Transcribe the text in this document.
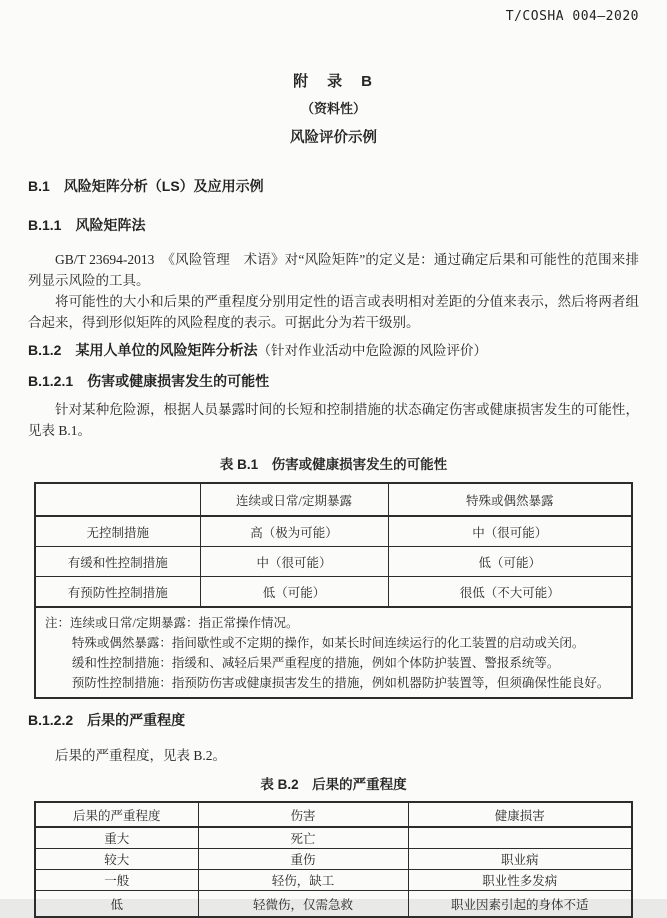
T/COSHA 004—2020
附　录　B
（资料性）
风险评价示例
B.1　风险矩阵分析（LS）及应用示例
B.1.1　风险矩阵法
GB/T 23694-2013　《风险管理　术语》对“风险矩阵”的定义是：通过确定后果和可能性的范围来排列显示风险的工具。
将可能性的大小和后果的严重程度分别用定性的语言或表明相对差距的分值来表示，然后将两者组合起来，得到形似矩阵的风险程度的表示。可据此分为若干级别。
B.1.2　某用人单位的风险矩阵分析法（针对作业活动中危险源的风险评价）
B.1.2.1　伤害或健康损害发生的可能性
针对某种危险源，根据人员暴露时间的长短和控制措施的状态确定伤害或健康损害发生的可能性，见表 B.1。
表 B.1　伤害或健康损害发生的可能性
	连续或日常/定期暴露	特殊或偶然暴露
无控制措施	高（极为可能）	中（很可能）
有缓和性控制措施	中（很可能）	低（可能）
有预防性控制措施	低（可能）	很低（不大可能）

注：连续或日常/定期暴露：指正常操作情况。
特殊或偶然暴露：指间歇性或不定期的操作，如某长时间连续运行的化工装置的启动或关闭。
缓和性控制措施：指缓和、减轻后果严重程度的措施，例如个体防护装置、警报系统等。
预防性控制措施：指预防伤害或健康损害发生的措施，例如机器防护装置等，但须确保性能良好。		
B.1.2.2　后果的严重程度
后果的严重程度，见表 B.2。
表 B.2　后果的严重程度
后果的严重程度	伤害	健康损害
重大	死亡	
较大	重伤	职业病
一般	轻伤，缺工	职业性多发病
低	轻微伤，仅需急救	职业因素引起的身体不适
